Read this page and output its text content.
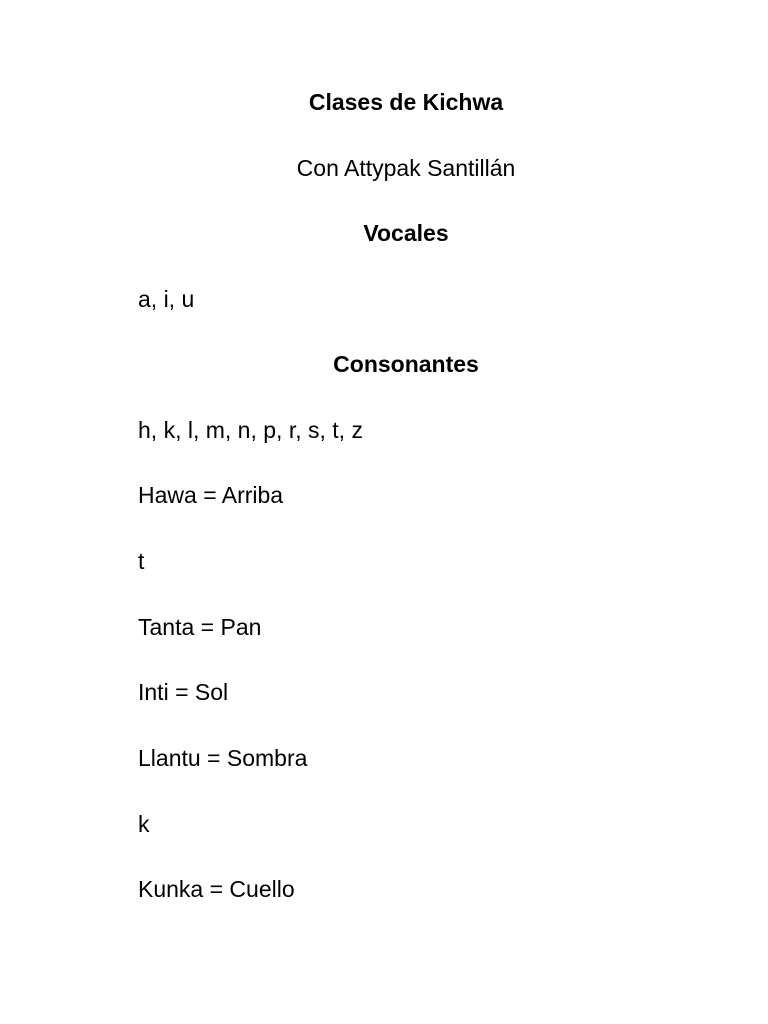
Clases de Kichwa
Con Attypak Santillán
Vocales
a, i, u
Consonantes
h, k, l, m, n, p, r, s, t, z
Hawa = Arriba
t
Tanta = Pan
Inti = Sol
Llantu = Sombra
k
Kunka = Cuello
